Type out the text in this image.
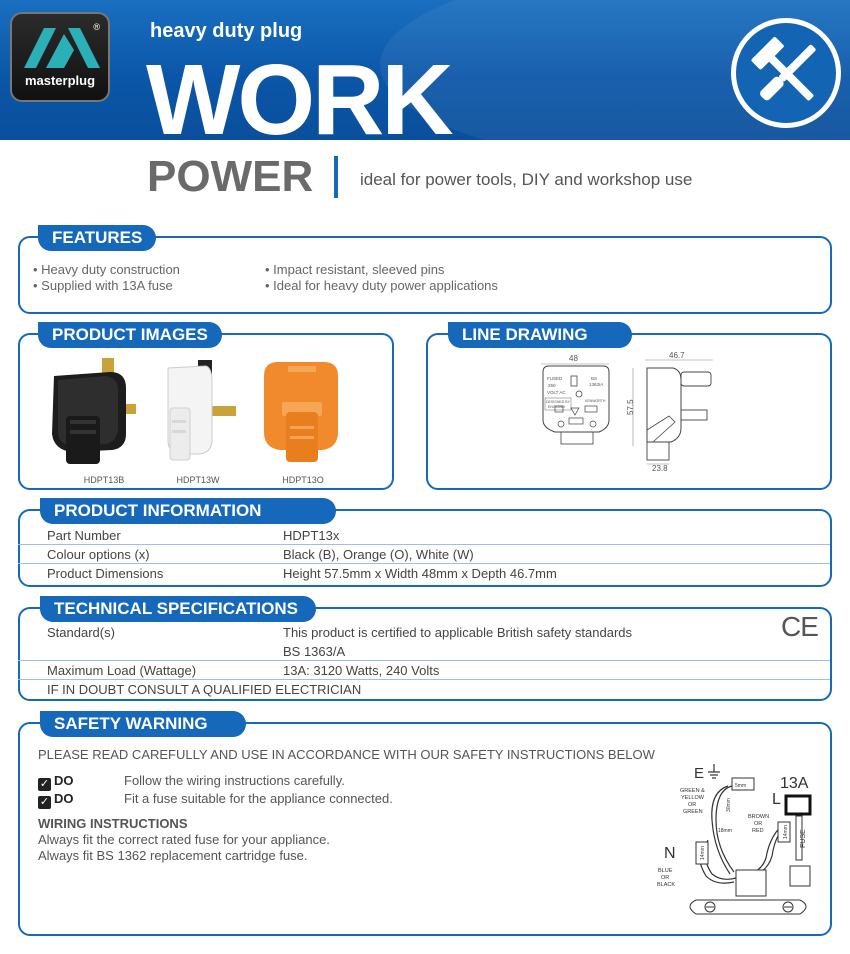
®
masterplug
heavy duty plug
WORK
POWER	ideal for power tools, DIY and workshop use
FEATURES
• Heavy duty construction
• Supplied with 13A fuse
• Impact resistant, sleeved pins
• Ideal for heavy duty power applications
PRODUCT IMAGES
HDPT13B	HDPT13W	HDPT13O
LINE DRAWING
48
FUSED
250
VOLT AC
BS
1363/A
DESIGNED BY
ENGLAND
KENWORTH
46.7
57.5
23.8
PRODUCT INFORMATION
Part Number	HDPT13x
Colour options (x)	Black (B), Orange (O), White (W)
Product Dimensions	Height 57.5mm x Width 48mm x Depth 46.7mm
TECHNICAL SPECIFICATIONS
Standard(s)	This product is certified to applicable British safety standards
BS 1363/A
Maximum Load (Wattage)	13A: 3120 Watts, 240 Volts
IF IN DOUBT CONSULT A QUALIFIED ELECTRICIAN
CE
SAFETY WARNING
PLEASE READ CAREFULLY AND USE IN ACCORDANCE WITH OUR SAFETY INSTRUCTIONS BELOW
✓ DO	Follow the wiring instructions carefully.
✓ DO	Fit a fuse suitable for the appliance connected.
WIRING INSTRUCTIONS
Always fit the correct rated fuse for your appliance.
Always fit BS 1362 replacement cartridge fuse.
E
13A
L
N
GREEN &
YELLOW
OR
GREEN
BROWN
OR
RED
BLUE
OR
BLACK
FUSE
5mm
14mm
14mm
18mm
30mm
